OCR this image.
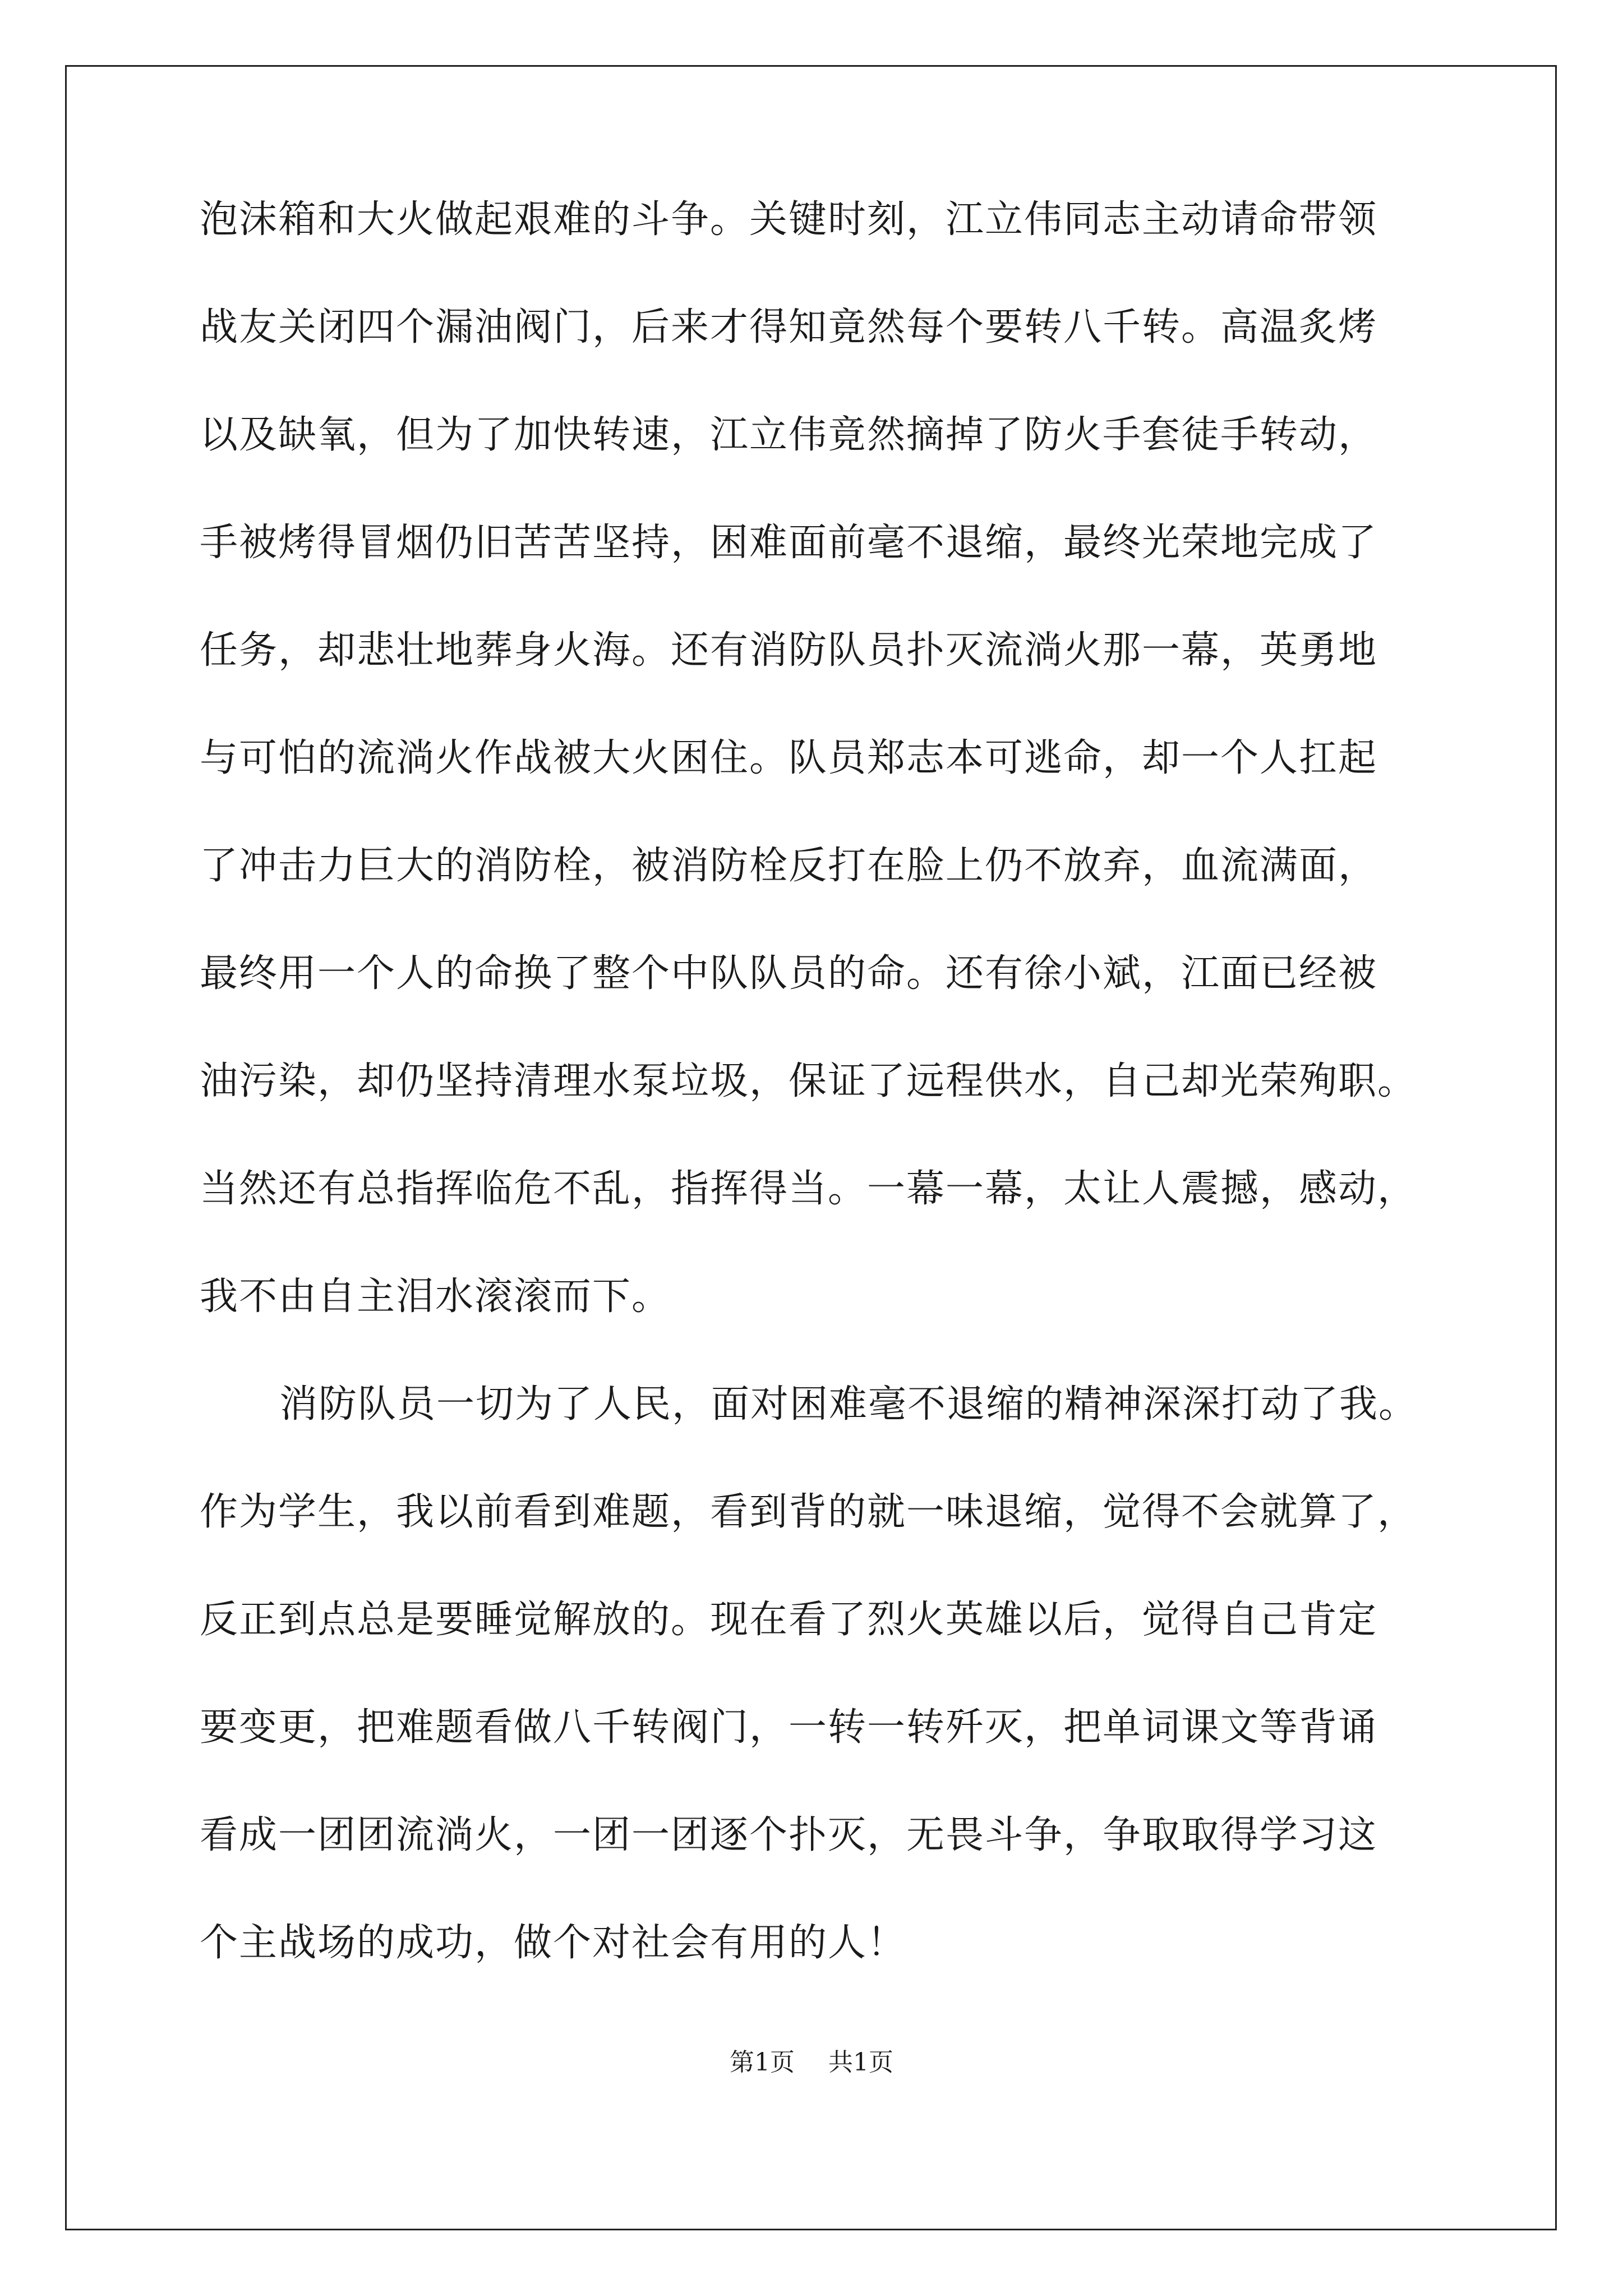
泡沫箱和大火做起艰难的斗争。关键时刻，江立伟同志主动请命带领
战友关闭四个漏油阀门，后来才得知竟然每个要转八千转。高温炙烤
以及缺氧，但为了加快转速，江立伟竟然摘掉了防火手套徒手转动，
手被烤得冒烟仍旧苦苦坚持，困难面前毫不退缩，最终光荣地完成了
任务，却悲壮地葬身火海。还有消防队员扑灭流淌火那一幕，英勇地
与可怕的流淌火作战被大火困住。队员郑志本可逃命，却一个人扛起
了冲击力巨大的消防栓，被消防栓反打在脸上仍不放弃，血流满面，
最终用一个人的命换了整个中队队员的命。还有徐小斌，江面已经被
油污染，却仍坚持清理水泵垃圾，保证了远程供水，自己却光荣殉职。
当然还有总指挥临危不乱，指挥得当。一幕一幕，太让人震撼，感动，
我不由自主泪水滚滚而下。
消防队员一切为了人民，面对困难毫不退缩的精神深深打动了我。
作为学生，我以前看到难题，看到背的就一味退缩，觉得不会就算了，
反正到点总是要睡觉解放的。现在看了烈火英雄以后，觉得自己肯定
要变更，把难题看做八千转阀门，一转一转歼灭，把单词课文等背诵
看成一团团流淌火，一团一团逐个扑灭，无畏斗争，争取取得学习这
个主战场的成功，做个对社会有用的人！
第1页 共1页
